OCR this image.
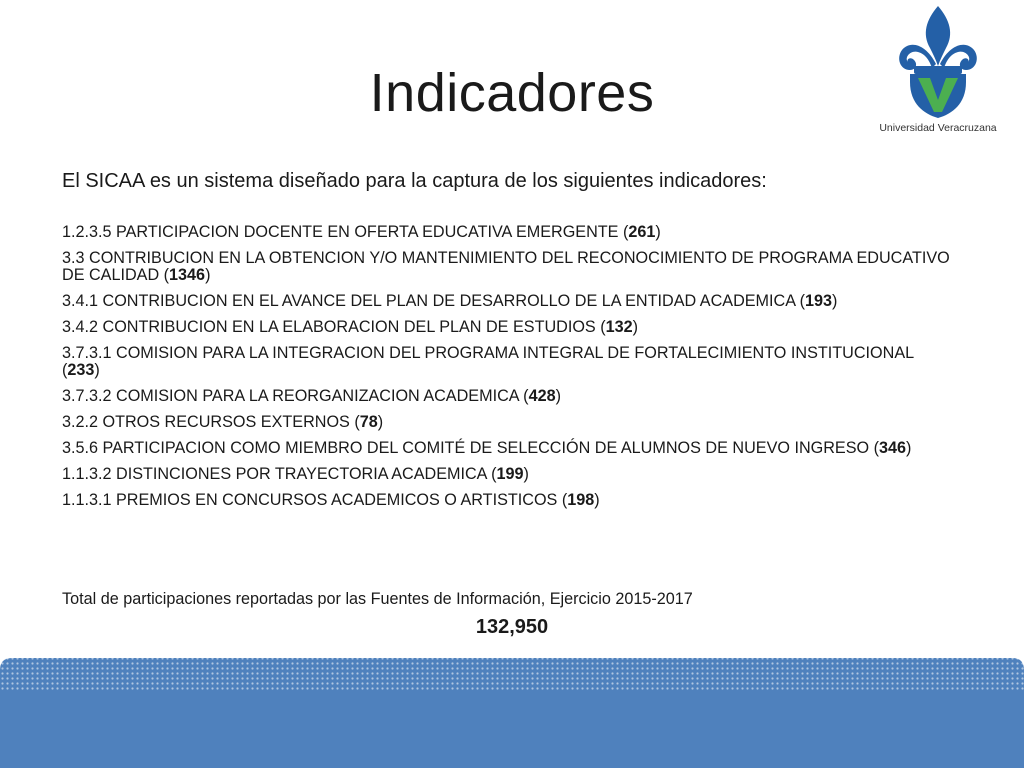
Indicadores
Universidad Veracruzana
El SICAA es un sistema diseñado para la captura de los siguientes indicadores:
1.2.3.5 PARTICIPACION DOCENTE EN OFERTA EDUCATIVA EMERGENTE (261)
3.3 CONTRIBUCION EN LA OBTENCION Y/O MANTENIMIENTO DEL RECONOCIMIENTO DE PROGRAMA EDUCATIVO DE CALIDAD (1346)
3.4.1 CONTRIBUCION EN EL AVANCE DEL PLAN DE DESARROLLO DE LA ENTIDAD ACADEMICA (193)
3.4.2 CONTRIBUCION EN LA ELABORACION DEL PLAN DE ESTUDIOS (132)
3.7.3.1 COMISION PARA LA INTEGRACION DEL PROGRAMA INTEGRAL DE FORTALECIMIENTO INSTITUCIONAL (233)
3.7.3.2 COMISION PARA LA REORGANIZACION ACADEMICA (428)
3.2.2 OTROS RECURSOS EXTERNOS (78)
3.5.6 PARTICIPACION COMO MIEMBRO DEL COMITÉ DE SELECCIÓN DE ALUMNOS DE NUEVO INGRESO (346)
1.1.3.2 DISTINCIONES POR TRAYECTORIA ACADEMICA (199)
1.1.3.1 PREMIOS EN CONCURSOS ACADEMICOS O ARTISTICOS (198)
Total de participaciones reportadas por las Fuentes de Información, Ejercicio 2015-2017
132,950
